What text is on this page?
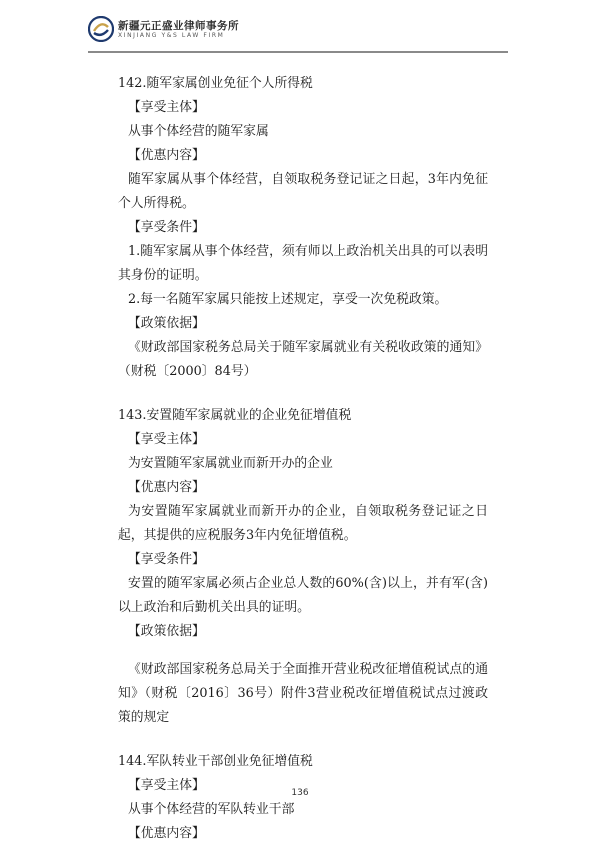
新疆元正盛业律师事务所
XINJIANG Y&S LAW FIRM

142.随军家属创业免征个人所得税

【享受主体】

从事个体经营的随军家属

【优惠内容】

随军家属从事个体经营，自领取税务登记证之日起，3年内免征个人所得税。

【享受条件】

1.随军家属从事个体经营，须有师以上政治机关出具的可以表明其身份的证明。

2.每一名随军家属只能按上述规定，享受一次免税政策。

【政策依据】

《财政部国家税务总局关于随军家属就业有关税收政策的通知》（财税〔2000〕84号）

143.安置随军家属就业的企业免征增值税

【享受主体】

为安置随军家属就业而新开办的企业

【优惠内容】

为安置随军家属就业而新开办的企业，自领取税务登记证之日起，其提供的应税服务3年内免征增值税。

【享受条件】

安置的随军家属必须占企业总人数的60%(含)以上，并有军(含)以上政治和后勤机关出具的证明。

【政策依据】

《财政部国家税务总局关于全面推开营业税改征增值税试点的通知》（财税〔2016〕36号）附件3营业税改征增值税试点过渡政策的规定

144.军队转业干部创业免征增值税

【享受主体】

从事个体经营的军队转业干部

【优惠内容】

136
